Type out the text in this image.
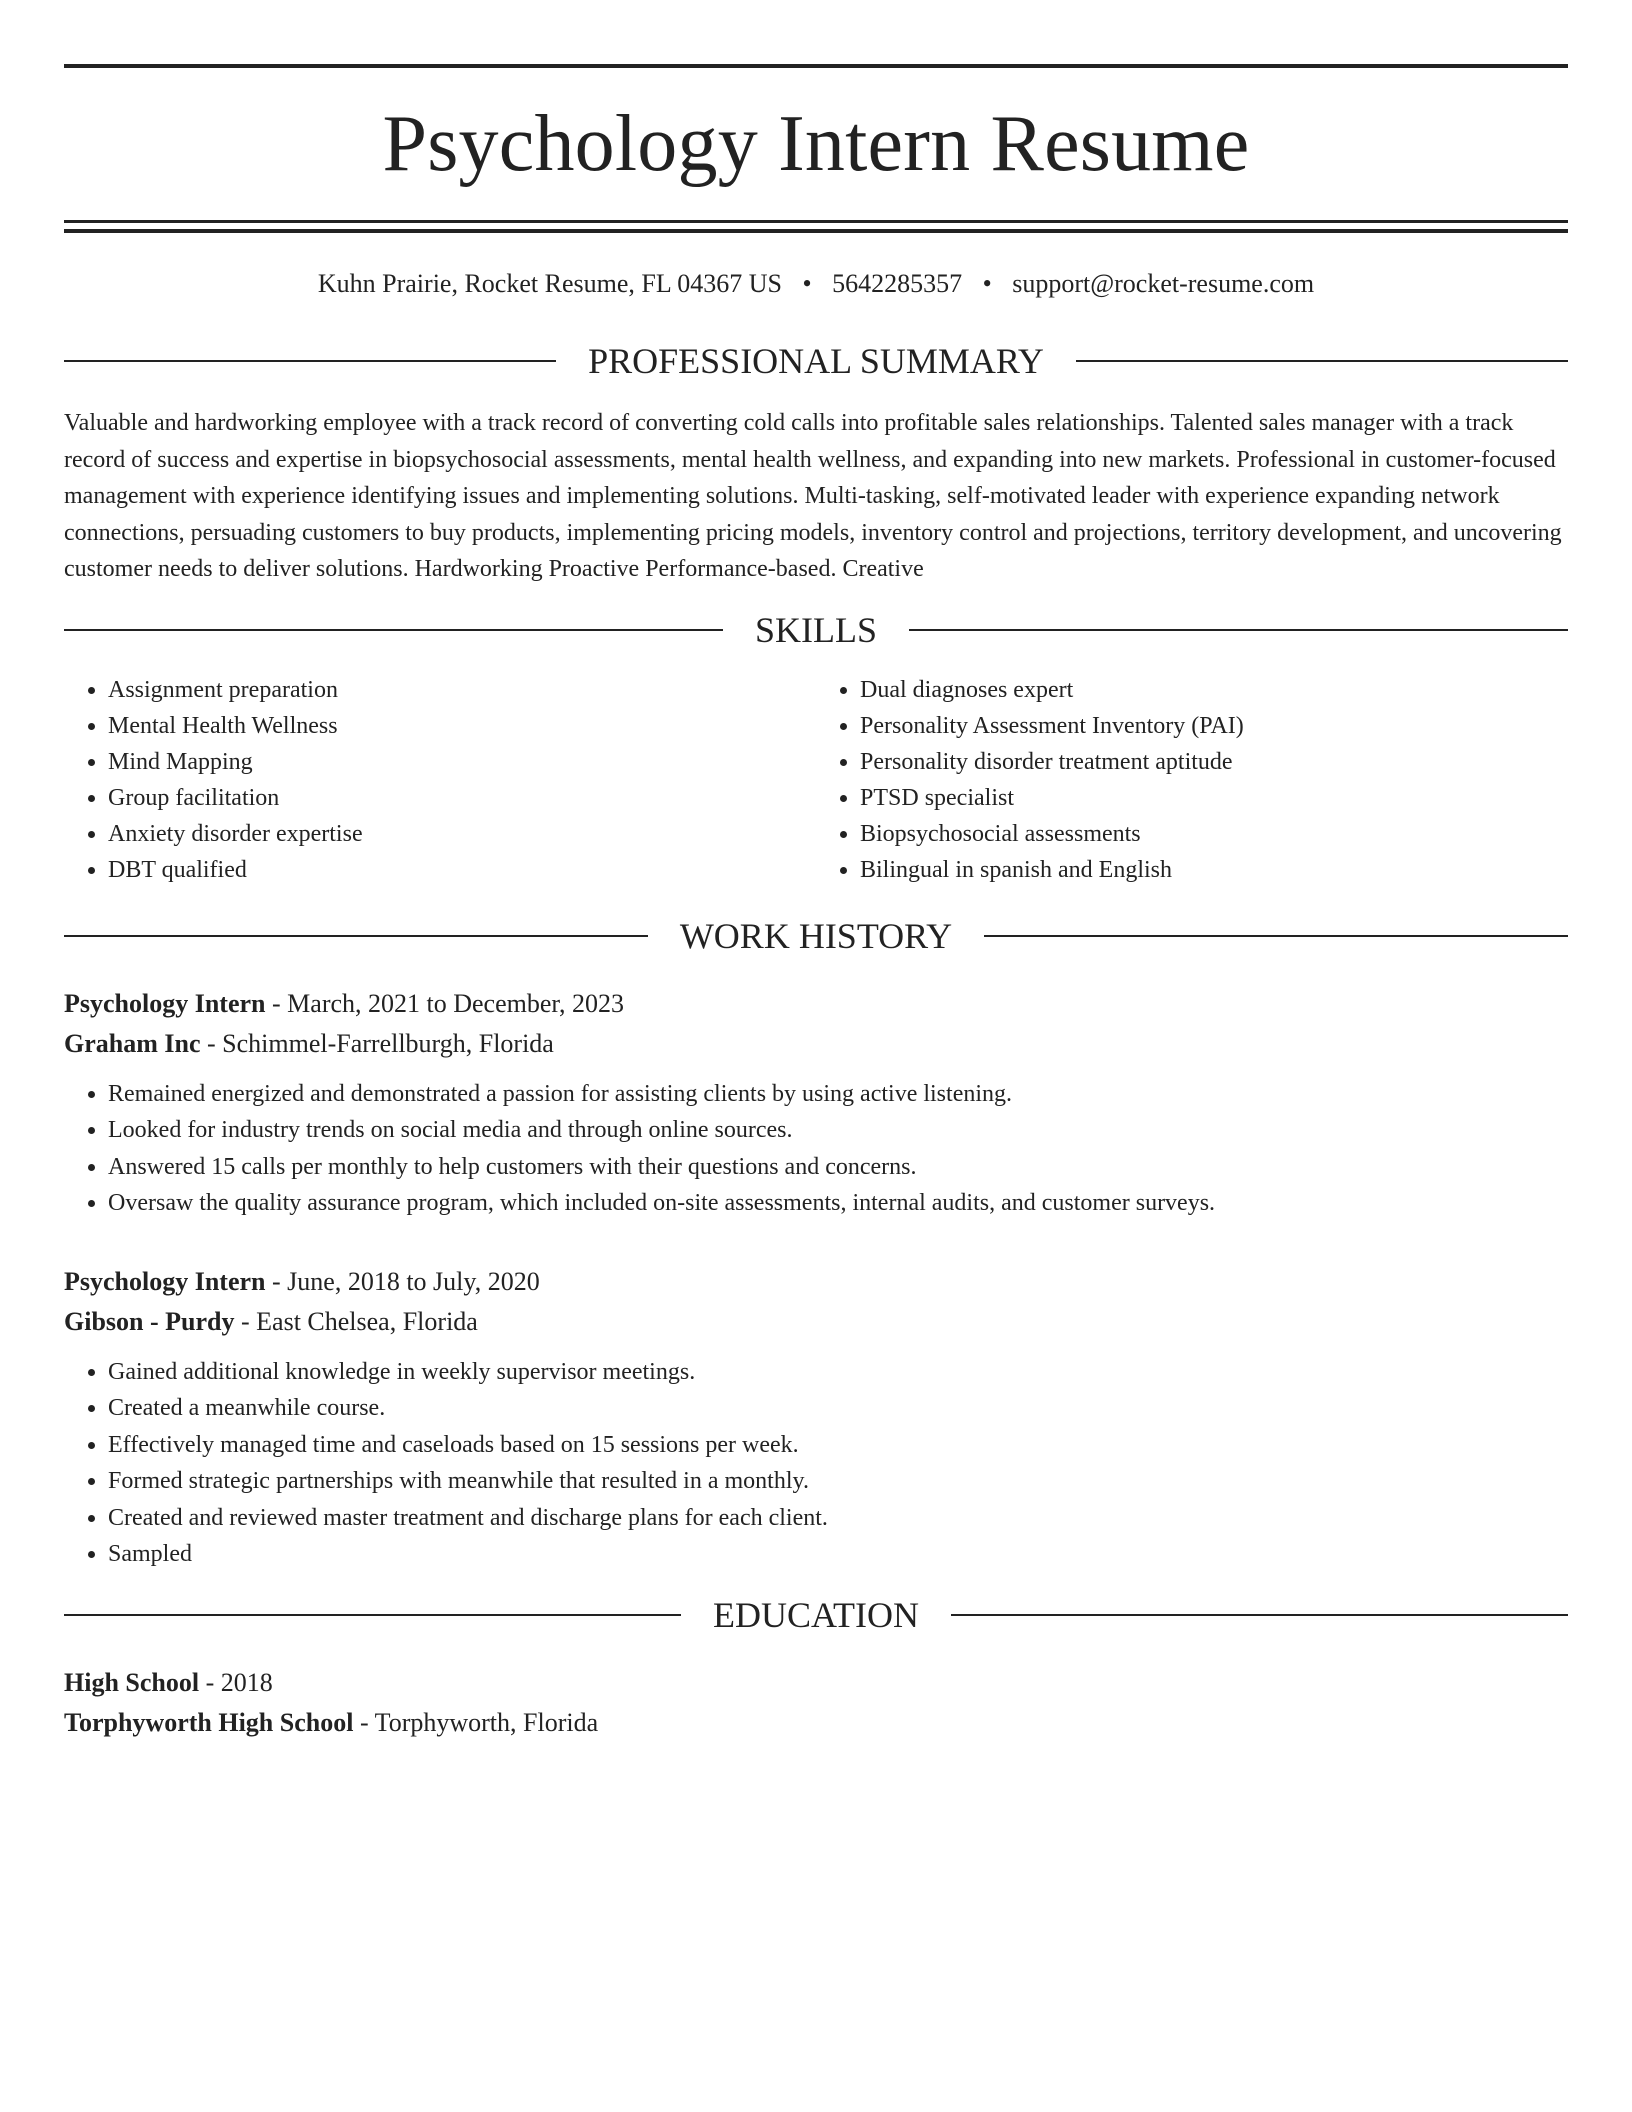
Psychology Intern Resume
Kuhn Prairie, Rocket Resume, FL 04367 US • 5642285357 • support@rocket-resume.com
PROFESSIONAL SUMMARY
Valuable and hardworking employee with a track record of converting cold calls into profitable sales relationships. Talented sales manager with a track record of success and expertise in biopsychosocial assessments, mental health wellness, and expanding into new markets. Professional in customer-focused management with experience identifying issues and implementing solutions. Multi-tasking, self-motivated leader with experience expanding network connections, persuading customers to buy products, implementing pricing models, inventory control and projections, territory development, and uncovering customer needs to deliver solutions. Hardworking Proactive Performance-based. Creative
SKILLS
• Assignment preparation
• Mental Health Wellness
• Mind Mapping
• Group facilitation
• Anxiety disorder expertise
• DBT qualified
• Dual diagnoses expert
• Personality Assessment Inventory (PAI)
• Personality disorder treatment aptitude
• PTSD specialist
• Biopsychosocial assessments
• Bilingual in spanish and English
WORK HISTORY
Psychology Intern - March, 2021 to December, 2023
Graham Inc - Schimmel-Farrellburgh, Florida
• Remained energized and demonstrated a passion for assisting clients by using active listening.
• Looked for industry trends on social media and through online sources.
• Answered 15 calls per monthly to help customers with their questions and concerns.
• Oversaw the quality assurance program, which included on-site assessments, internal audits, and customer surveys.
Psychology Intern - June, 2018 to July, 2020
Gibson - Purdy - East Chelsea, Florida
• Gained additional knowledge in weekly supervisor meetings.
• Created a meanwhile course.
• Effectively managed time and caseloads based on 15 sessions per week.
• Formed strategic partnerships with meanwhile that resulted in a monthly.
• Created and reviewed master treatment and discharge plans for each client.
• Sampled
EDUCATION
High School - 2018
Torphyworth High School - Torphyworth, Florida
